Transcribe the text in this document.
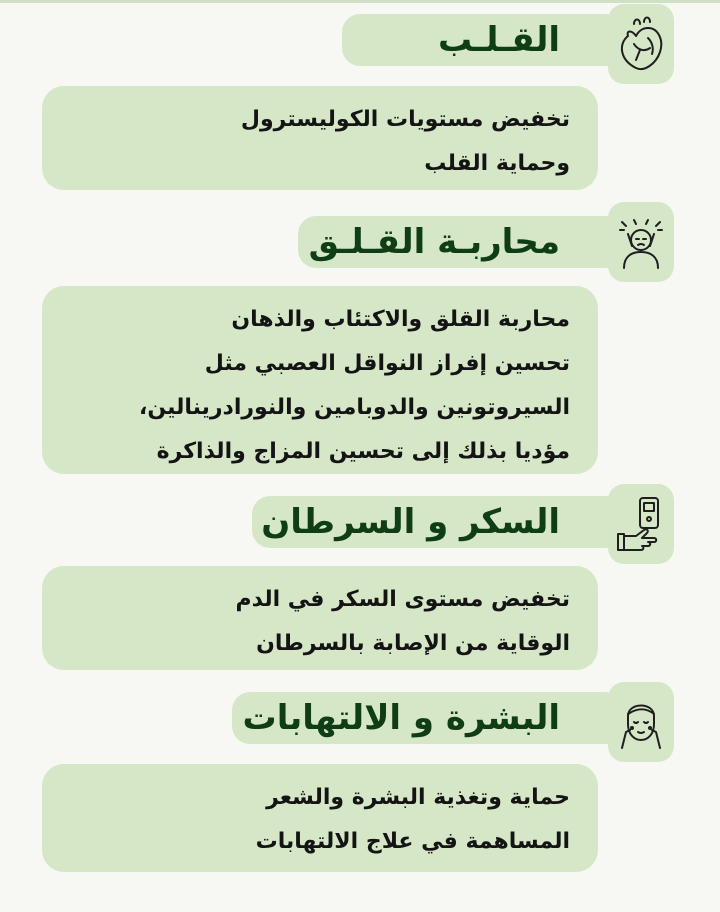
القـلـب
تخفيض مستويات الكوليسترول
وحماية القلب
محاربـة القـلـق
محاربة القلق والاكتئاب والذهان
تحسين إفراز النواقل العصبي مثل
السيروتونين والدوبامين والنورادرينالين،
مؤديا بذلك إلى تحسين المزاج والذاكرة
السكر و السرطان
تخفيض مستوى السكر في الدم
الوقاية من الإصابة بالسرطان
البشرة و الالتهابات
حماية وتغذية البشرة والشعر
المساهمة في علاج الالتهابات
